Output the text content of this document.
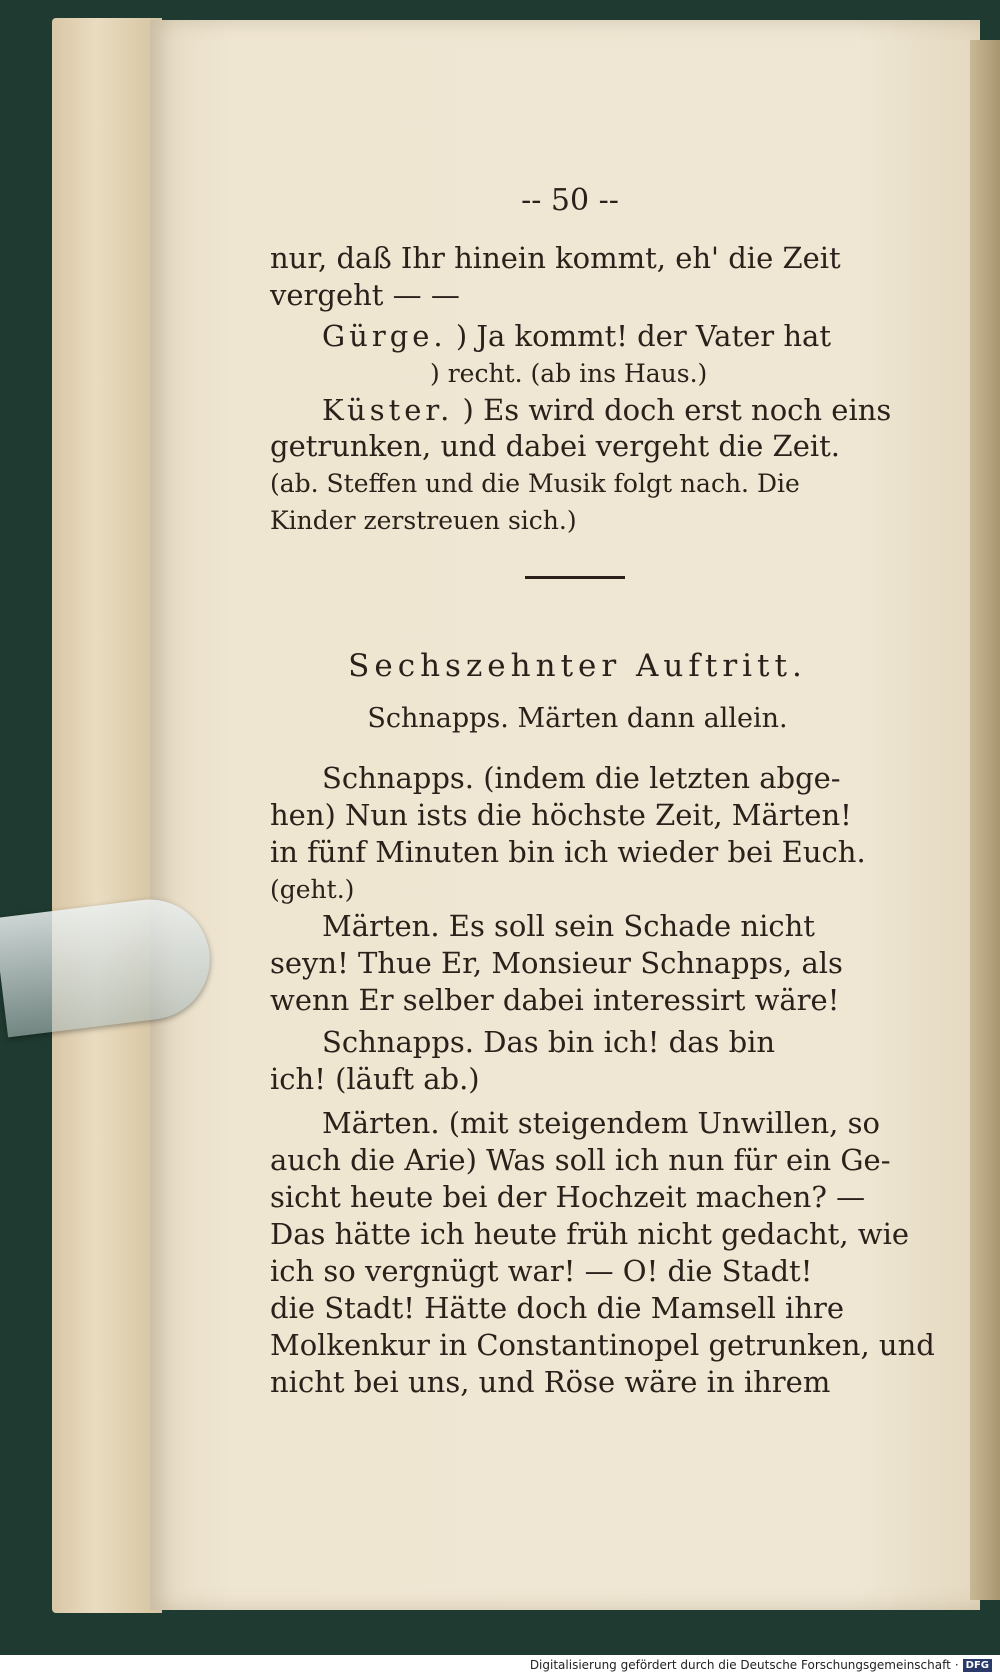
-- 50 --
nur, daß Ihr hinein kommt, eh' die Zeit
vergeht — —
Gürge. ) Ja kommt! der Vater hat
) recht. (ab ins Haus.)
Küster. ) Es wird doch erst noch eins
getrunken, und dabei vergeht die Zeit.
(ab. Steffen und die Musik folgt nach. Die
Kinder zerstreuen sich.)
Sechszehnter Auftritt.
Schnapps. Märten dann allein.
Schnapps. (indem die letzten abge-
hen) Nun ists die höchste Zeit, Märten!
in fünf Minuten bin ich wieder bei Euch.
(geht.)
Märten. Es soll sein Schade nicht
seyn! Thue Er, Monsieur Schnapps, als
wenn Er selber dabei interessirt wäre!
Schnapps. Das bin ich! das bin
ich! (läuft ab.)
Märten. (mit steigendem Unwillen, so
auch die Arie) Was soll ich nun für ein Ge-
sicht heute bei der Hochzeit machen? —
Das hätte ich heute früh nicht gedacht, wie
ich so vergnügt war! — O! die Stadt!
die Stadt! Hätte doch die Mamsell ihre
Molkenkur in Constantinopel getrunken, und
nicht bei uns, und Röse wäre in ihrem
Digitalisierung gefördert durch die Deutsche Forschungsgemeinschaft · DFG
